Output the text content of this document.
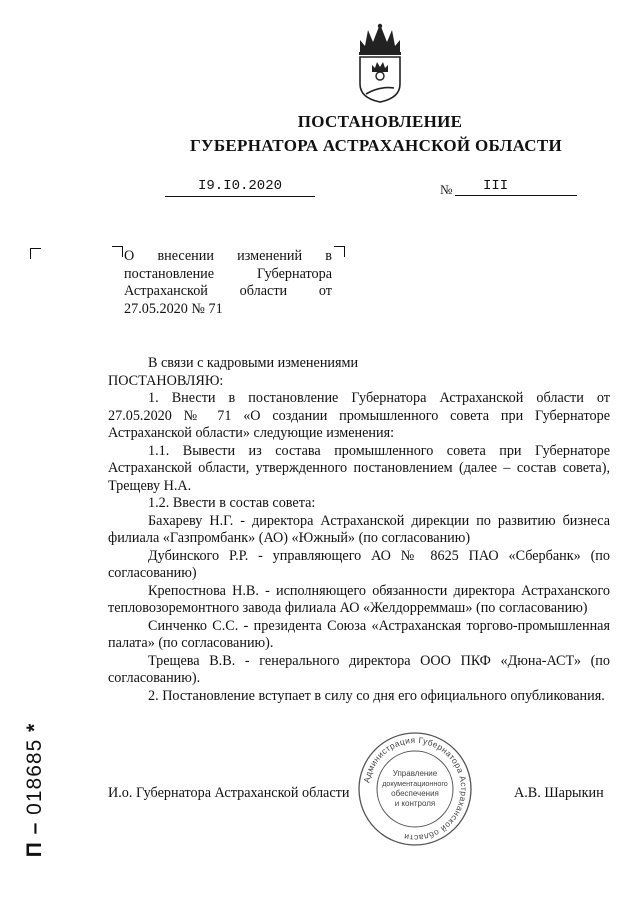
ПОСТАНОВЛЕНИЕ
ГУБЕРНАТОРА АСТРАХАНСКОЙ ОБЛАСТИ
I9.I0.2020	№	III
О внесении изменений в постановление Губернатора Астраханской области от 27.05.2020 № 71

В связи с кадровыми изменениями

ПОСТАНОВЛЯЮ:

1. Внести в постановление Губернатора Астраханской области от 27.05.2020 № 71 «О создании промышленного совета при Губернаторе Астраханской области» следующие изменения:

1.1. Вывести из состава промышленного совета при Губернаторе Астраханской области, утвержденного постановлением (далее – состав совета), Трещеву Н.А.

1.2. Ввести в состав совета:

Бахареву Н.Г. - директора Астраханской дирекции по развитию бизнеса филиала «Газпромбанк» (АО) «Южный» (по согласованию)

Дубинского Р.Р. - управляющего АО № 8625 ПАО «Сбербанк» (по согласованию)

Крепостнова Н.В. - исполняющего обязанности директора Астраханского тепловозоремонтного завода филиала АО «Желдорреммаш» (по согласованию)

Синченко С.С. - президента Союза «Астраханская торгово-промышленная палата» (по согласованию).

Трещева В.В. - генерального директора ООО ПКФ «Дюна-АСТ» (по согласованию).

2. Постановление вступает в силу со дня его официального опубликования.

И.о. Губернатора Астраханской области	А.В. Шарыкин
Администрация Губернатора Астраханской области
Управление
документационного
обеспечения
и контроля
П – 018685 *
